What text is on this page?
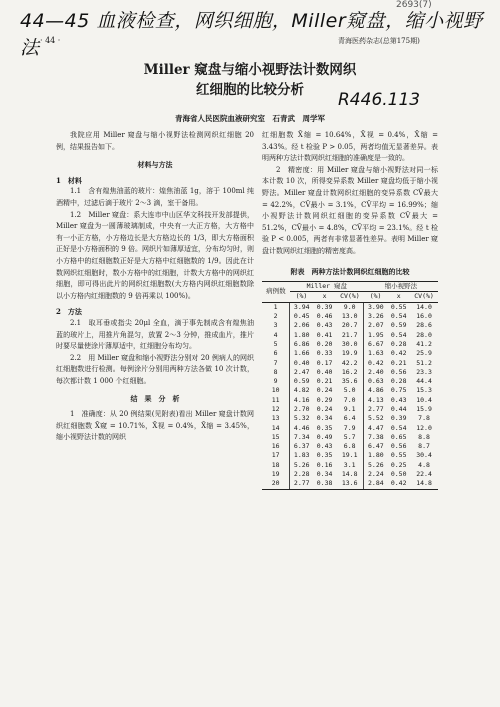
44—45 血液检查，网织细胞，Miller窥盘，缩小视野法
2693(7)
· 44 ·	青海医药杂志(总第175期)
Miller 窥盘与缩小视野法计数网织
红细胞的比较分析	R446.113
青海省人民医院血液研究室　石青武　周学军

我院应用 Miller 窥盘与缩小视野法检测网织红细胞 20 例，结果报告如下。

材料与方法

1　材料

1.1　含有煌焦油蓝的玻片：煌焦油蓝 1g，溶于 100ml 纯酒精中，过滤后滴于玻片 2～3 滴，室干备用。

1.2　Miller 窥盘：系大连市中山区华文科技开发部提供，Miller 窥盘为一圆薄玻璃制成，中央有一大正方格，大方格中有一小正方格，小方格边长是大方格边长的 1/3，即大方格面积正好是小方格面积的 9 倍。网织片如薄厚适宜，分布均匀时，则小方格中的红细胞数正好是大方格中红细胞数的 1/9。因此在计数网织红细胞时，数小方格中的红细胞，计数大方格中的网织红细胞，即可得出此片的网织红细胞数(大方格内网织红细胞数除以小方格内红细胞数的 9 倍再乘以 100%)。

2　方法

2.1　取耳垂或指尖 20μl 全血，滴于事先制成含有煌焦油蓝的玻片上，用推片角混匀，放置 2～3 分钟，推成血片，推片时要尽量使涂片薄厚适中，红细胞分布均匀。

2.2　用 Miller 窥盘和缩小视野法分别对 20 例病人的网织红细胞数进行检测。每例涂片分别用两种方法各做 10 次计数，每次都计数 1 000 个红细胞。

结　果　分　析

1　准确度：从 20 例结果(见附表)看出 Miller 窥盘计数网织红细胞数 X̄窥 = 10.71%，X̄视 = 0.4%，X̄缩 = 3.45%，缩小视野法计数的网织

红细胞数 X̄缩 = 10.64%，X̄视 = 0.4%，X̄缩 = 3.43%。经 t 检验 P > 0.05，两者均值无显著差异。表明两种方法计数网织红细胞的准确度是一致的。

2　精密度：用 Miller 窥盘与缩小视野法对同一标本计数 10 次，所得变异系数 Miller 窥盘均低于缩小视野法。Miller 窥盘计数网织红细胞的变异系数 CV̄最大 = 42.2%，CV̄最小 = 3.1%，CV̄平均 = 16.99%；缩小视野法计数网织红细胞的变异系数 CV̄最大 = 51.2%，CV̄最小 = 4.8%，CV̄平均 = 23.1%。经 t 检验 P < 0.005，两者有非常显著性差异。表明 Miller 窥盘计数网织红细胞的精密度高。

附表　两种方法计数网织红细胞的比较

病例数	Miller 窥盘			缩小视野法		
	(%)	x	CV(%)	(%)	x	CV(%)
1	3.94	0.39	9.0	3.90	0.55	14.0
2	0.45	0.46	13.0	3.26	0.54	16.0
3	2.06	0.43	20.7	2.07	0.59	28.6
4	1.80	0.41	21.7	1.95	0.54	28.0
5	6.86	0.20	30.0	6.67	0.28	41.2
6	1.66	0.33	19.9	1.63	0.42	25.9
7	0.40	0.17	42.2	0.42	0.21	51.2
8	2.47	0.40	16.2	2.40	0.56	23.3
9	0.59	0.21	35.6	0.63	0.28	44.4
10	4.82	0.24	5.0	4.86	0.75	15.3
11	4.16	0.29	7.0	4.13	0.43	10.4
12	2.70	0.24	9.1	2.77	0.44	15.9
13	5.32	0.34	6.4	5.52	0.39	7.8
14	4.46	0.35	7.9	4.47	0.54	12.0
15	7.34	0.49	5.7	7.38	0.65	8.8
16	6.37	0.43	6.8	6.47	0.56	8.7
17	1.83	0.35	19.1	1.80	0.55	30.4
18	5.26	0.16	3.1	5.26	0.25	4.8
19	2.28	0.34	14.8	2.24	0.50	22.4
20	2.77	0.38	13.6	2.84	0.42	14.8
